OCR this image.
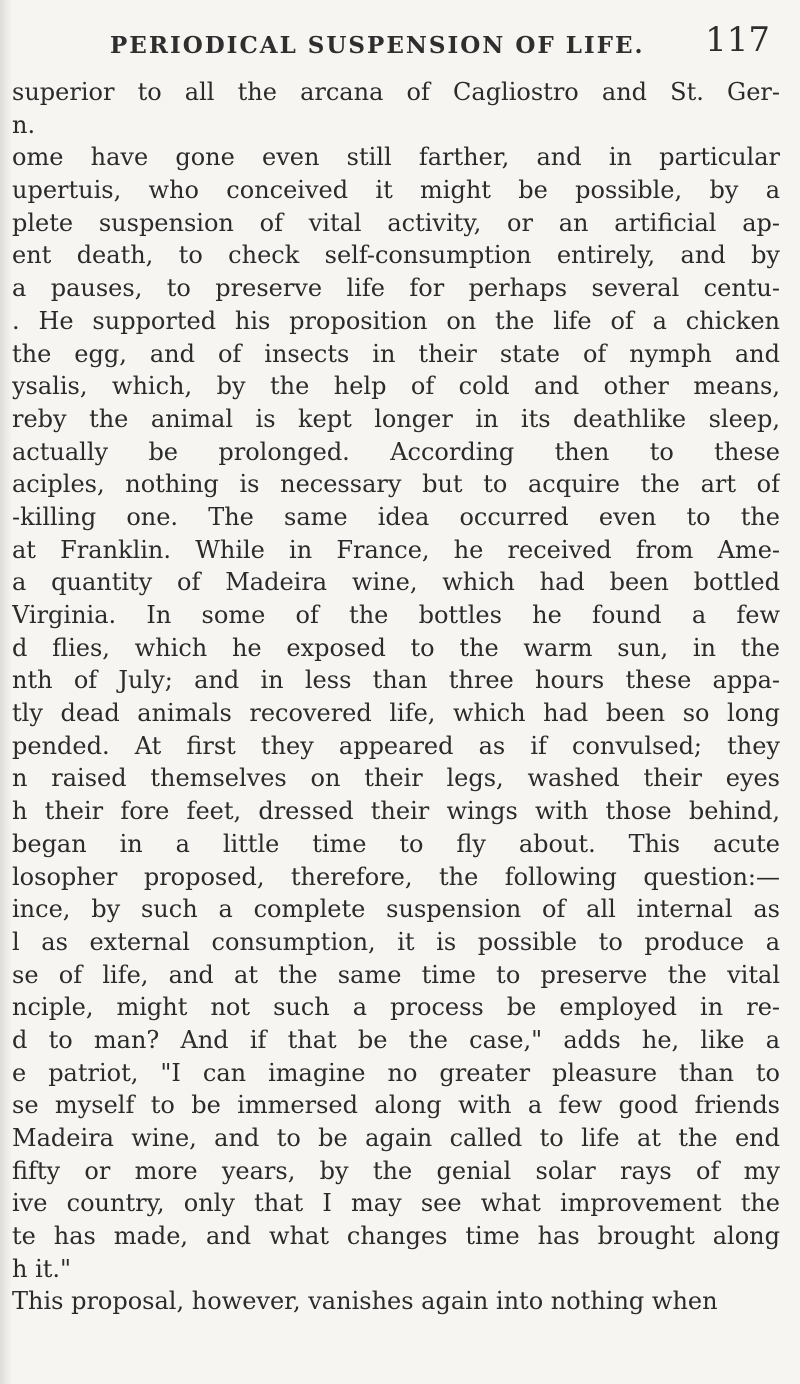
PERIODICAL SUSPENSION OF LIFE. 117
superior to all the arcana of Cagliostro and St. Ger-
n.
ome have gone even still farther, and in particular
upertuis, who conceived it might be possible, by a
plete suspension of vital activity, or an artificial ap-
ent death, to check self-consumption entirely, and by
a pauses, to preserve life for perhaps several centu-
. He supported his proposition on the life of a chicken
the egg, and of insects in their state of nymph and
ysalis, which, by the help of cold and other means,
reby the animal is kept longer in its deathlike sleep,
actually be prolonged. According then to these
aciples, nothing is necessary but to acquire the art of
-killing one. The same idea occurred even to the
at Franklin. While in France, he received from Ame-
a quantity of Madeira wine, which had been bottled
Virginia. In some of the bottles he found a few
d flies, which he exposed to the warm sun, in the
nth of July; and in less than three hours these appa-
tly dead animals recovered life, which had been so long
pended. At first they appeared as if convulsed; they
n raised themselves on their legs, washed their eyes
h their fore feet, dressed their wings with those behind,
began in a little time to fly about. This acute
losopher proposed, therefore, the following question:—
ince, by such a complete suspension of all internal as
l as external consumption, it is possible to produce a
se of life, and at the same time to preserve the vital
nciple, might not such a process be employed in re-
d to man? And if that be the case," adds he, like a
e patriot, "I can imagine no greater pleasure than to
se myself to be immersed along with a few good friends
Madeira wine, and to be again called to life at the end
fifty or more years, by the genial solar rays of my
ive country, only that I may see what improvement the
te has made, and what changes time has brought along
h it."
This proposal, however, vanishes again into nothing when
